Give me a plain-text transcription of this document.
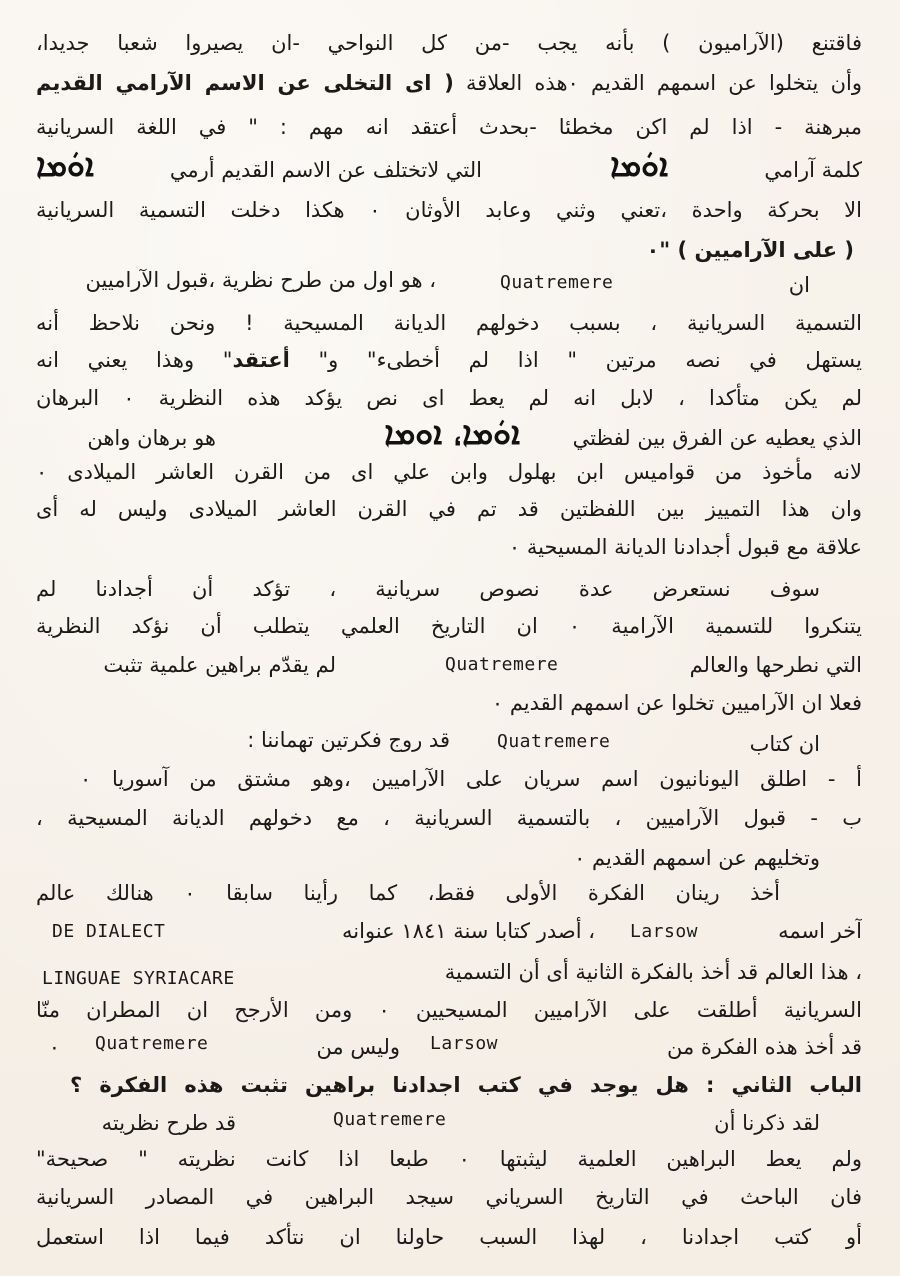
فاقتنع (الآراميون ) بأنه يجب -من كل النواحي -ان يصيروا شعبا جديدا،
وأن يتخلوا عن اسمهم القديم ٠هذه العلاقة ( اى التخلى عن الاسم الآرامي القديم
مبرهنة - اذا لم اكن مخطئا -بحدث أعتقد انه مهم : " في اللغة السريانية
كلمة آرامي
ܐܘܿܡܐ
التي لاتختلف عن الاسم القديم أرمي
ܐܘܿܡܐ
الا بحركة واحدة ،تعني وثني وعابد الأوثان ٠ هكذا دخلت التسمية السريانية
( على الآراميين ) "٠
ان
Quatremere
، هو اول من طرح نظرية ،قبول الآراميين
التسمية السريانية ، بسبب دخولهم الديانة المسيحية ! ونحن نلاحظ أنه
يستهل في نصه مرتين " اذا لم أخطىء" و" أعتقد" وهذا يعني انه
لم يكن متأكدا ، لابل انه لم يعط اى نص يؤكد هذه النظرية ٠ البرهان
الذي يعطيه عن الفرق بين لفظتي
ܐܘܿܡܐ، ܐܘܡܐ
هو برهان واهن
لانه مأخوذ من قواميس ابن بهلول وابن علي اى من القرن العاشر الميلادى ٠
وان هذا التمييز بين اللفظتين قد تم في القرن العاشر الميلادى وليس له أى
علاقة مع قبول أجدادنا الديانة المسيحية ٠
سوف نستعرض عدة نصوص سريانية ، تؤكد أن أجدادنا لم
يتنكروا للتسمية الآرامية ٠ ان التاريخ العلمي يتطلب أن نؤكد النظرية
التي نطرحها والعالم
Quatremere
لم يقدّم براهين علمية تثبت
فعلا ان الآراميين تخلوا عن اسمهم القديم ٠
ان كتاب
Quatremere
قد روج فكرتين تهماننا :
أ - اطلق اليونانيون اسم سريان على الآراميين ،وهو مشتق من آسوريا ٠
ب - قبول الآراميين ، بالتسمية السريانية ، مع دخولهم الديانة المسيحية ،
وتخليهم عن اسمهم القديم ٠
أخذ رينان الفكرة الأولى فقط، كما رأينا سابقا ٠ هنالك عالم
آخر اسمه
Larsow
، أصدر كتابا سنة ١٨٤١ عنوانه
DE DIALECT
، هذا العالم قد أخذ بالفكرة الثانية أى أن التسمية
LINGUAE SYRIACARE
السريانية أطلقت على الآراميين المسيحيين ٠ ومن الأرجح ان المطران منّا
قد أخذ هذه الفكرة من
Larsow
وليس من
Quatremere
٠
الباب الثاني : هل يوجد في كتب اجدادنا براهين تثبت هذه الفكرة ؟
لقد ذكرنا أن
Quatremere
قد طرح نظريته
ولم يعط البراهين العلمية ليثبتها ٠ طبعا اذا كانت نظريته " صحيحة"
فان الباحث في التاريخ السرياني سيجد البراهين في المصادر السريانية
أو كتب اجدادنا ، لهذا السبب حاولنا ان نتأكد فيما اذا استعمل
